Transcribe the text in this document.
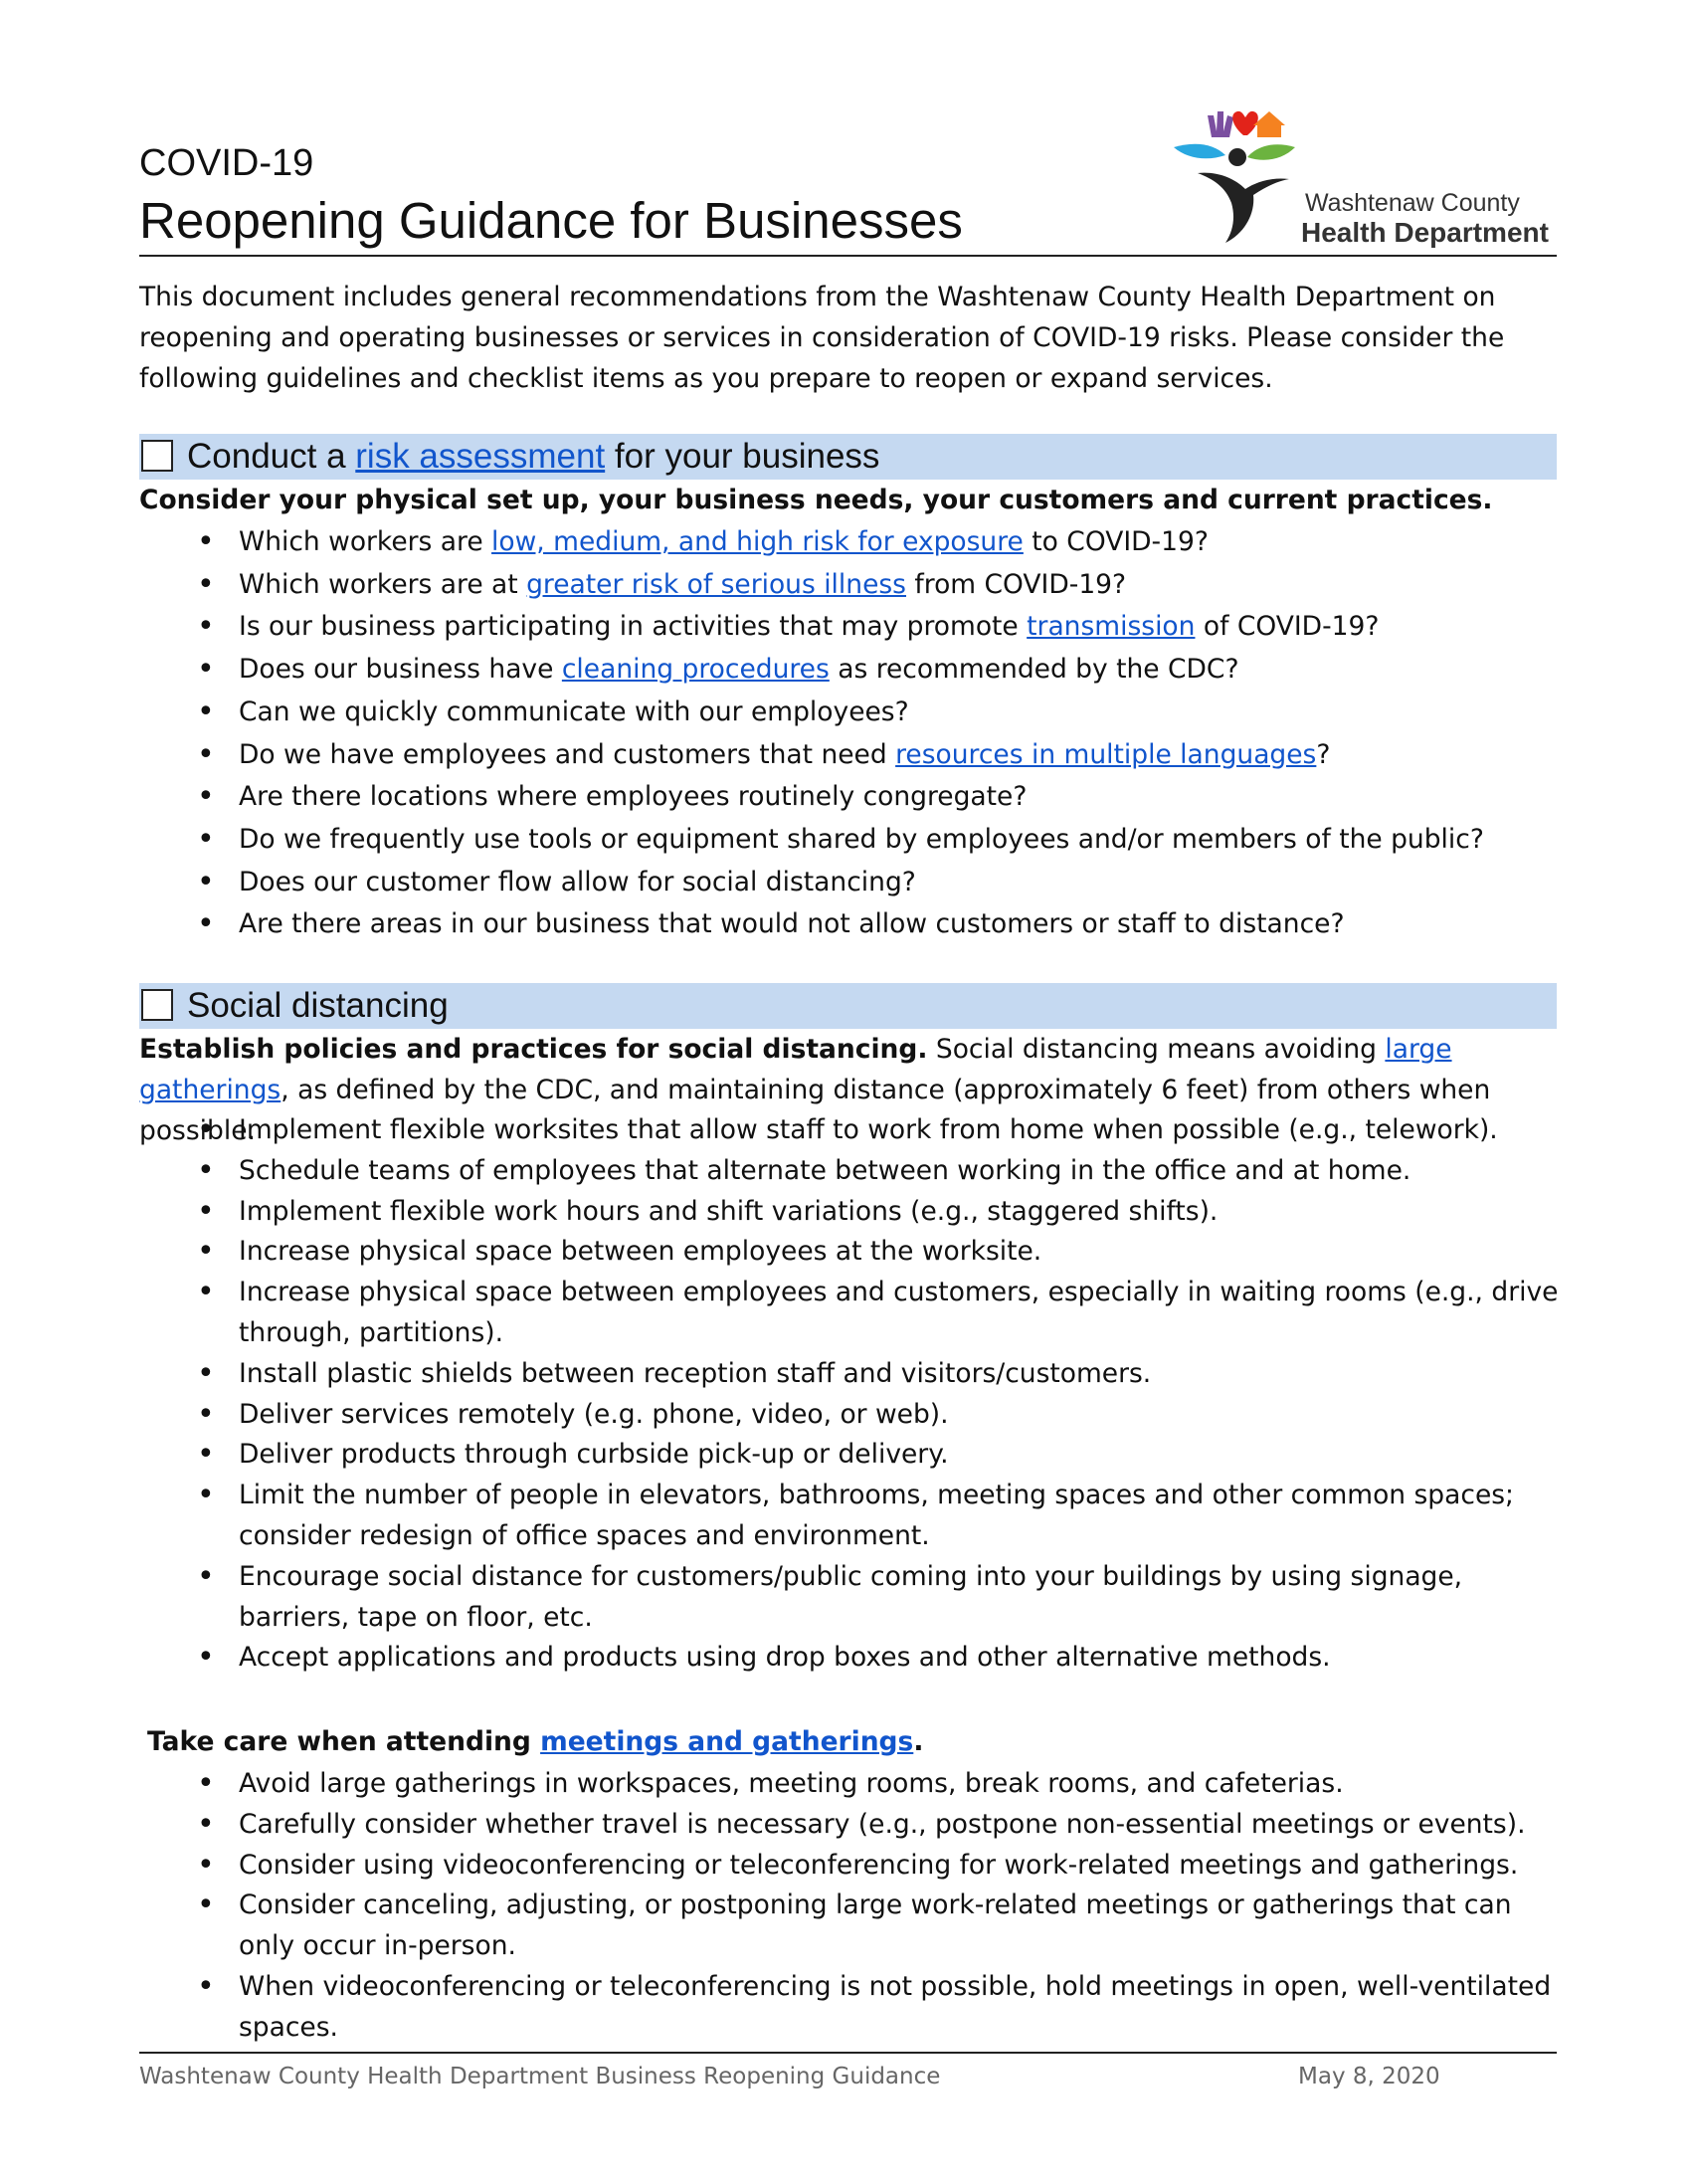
COVID-19
Reopening Guidance for Businesses	Washtenaw County
Health Department

This document includes general recommendations from the Washtenaw County Health Department on reopening and operating businesses or services in consideration of COVID-19 risks. Please consider the following guidelines and checklist items as you prepare to reopen or expand services.

Conduct a risk assessment for your business

Consider your physical set up, your business needs, your customers and current practices.

• Which workers are low, medium, and high risk for exposure to COVID-19?
• Which workers are at greater risk of serious illness from COVID-19?
• Is our business participating in activities that may promote transmission of COVID-19?
• Does our business have cleaning procedures as recommended by the CDC?
• Can we quickly communicate with our employees?
• Do we have employees and customers that need resources in multiple languages?
• Are there locations where employees routinely congregate?
• Do we frequently use tools or equipment shared by employees and/or members of the public?
• Does our customer flow allow for social distancing?
• Are there areas in our business that would not allow customers or staff to distance?
Social distancing

Establish policies and practices for social distancing. Social distancing means avoiding large gatherings, as defined by the CDC, and maintaining distance (approximately 6 feet) from others when possible.

• Implement flexible worksites that allow staff to work from home when possible (e.g., telework).
• Schedule teams of employees that alternate between working in the office and at home.
• Implement flexible work hours and shift variations (e.g., staggered shifts).
• Increase physical space between employees at the worksite.
• Increase physical space between employees and customers, especially in waiting rooms (e.g., drive through, partitions).
• Install plastic shields between reception staff and visitors/customers.
• Deliver services remotely (e.g. phone, video, or web).
• Deliver products through curbside pick-up or delivery.
• Limit the number of people in elevators, bathrooms, meeting spaces and other common spaces; consider redesign of office spaces and environment.
• Encourage social distance for customers/public coming into your buildings by using signage, barriers, tape on floor, etc.
• Accept applications and products using drop boxes and other alternative methods.

Take care when attending meetings and gatherings.

• Avoid large gatherings in workspaces, meeting rooms, break rooms, and cafeterias.
• Carefully consider whether travel is necessary (e.g., postpone non-essential meetings or events).
• Consider using videoconferencing or teleconferencing for work-related meetings and gatherings.
• Consider canceling, adjusting, or postponing large work-related meetings or gatherings that can only occur in-person.
• When videoconferencing or teleconferencing is not possible, hold meetings in open, well-ventilated spaces.
Washtenaw County Health Department Business Reopening Guidance	May 8, 2020
